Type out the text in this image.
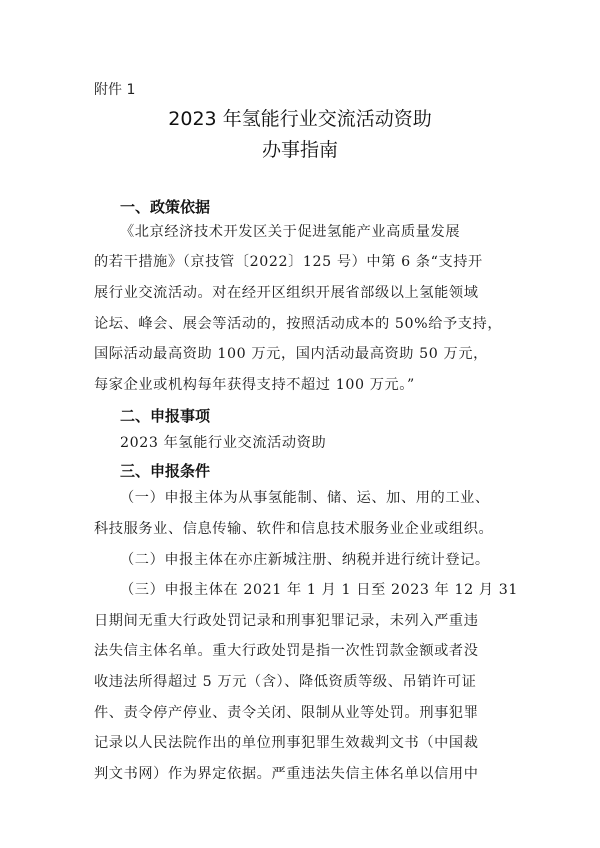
附件 1
2023 年氢能行业交流活动资助
办事指南
一、政策依据
《北京经济技术开发区关于促进氢能产业高质量发展
的若干措施》（京技管〔2022〕125 号）中第 6 条“支持开
展行业交流活动。对在经开区组织开展省部级以上氢能领域
论坛、峰会、展会等活动的，按照活动成本的 50%给予支持，
国际活动最高资助 100 万元，国内活动最高资助 50 万元，
每家企业或机构每年获得支持不超过 100 万元。”
二、申报事项
2023 年氢能行业交流活动资助
三、申报条件
（一）申报主体为从事氢能制、储、运、加、用的工业、
科技服务业、信息传输、软件和信息技术服务业企业或组织。
（二）申报主体在亦庄新城注册、纳税并进行统计登记。
（三）申报主体在 2021 年 1 月 1 日至 2023 年 12 月 31
日期间无重大行政处罚记录和刑事犯罪记录，未列入严重违
法失信主体名单。重大行政处罚是指一次性罚款金额或者没
收违法所得超过 5 万元（含）、降低资质等级、吊销许可证
件、责令停产停业、责令关闭、限制从业等处罚。刑事犯罪
记录以人民法院作出的单位刑事犯罪生效裁判文书（中国裁
判文书网）作为界定依据。严重违法失信主体名单以信用中
